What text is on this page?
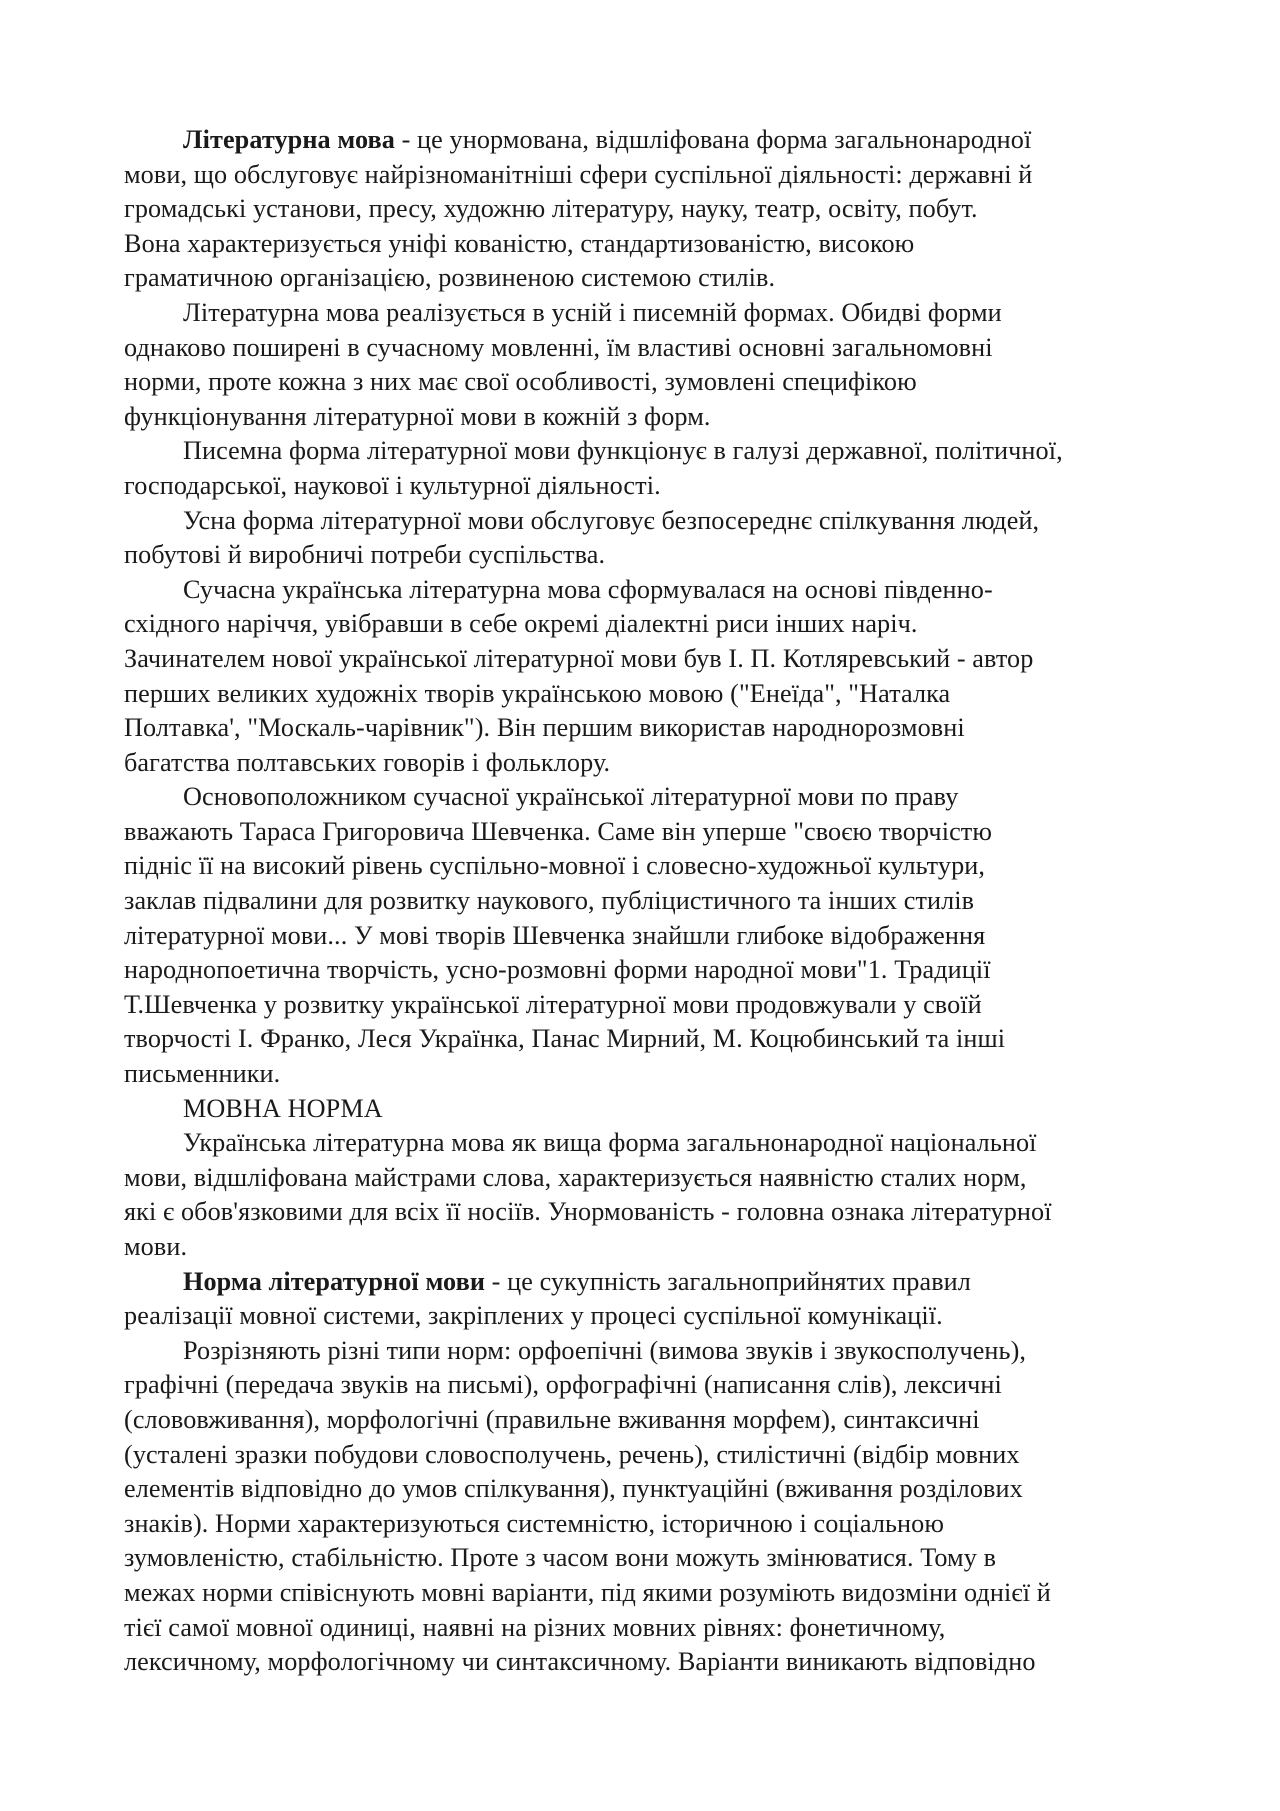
Літературна мова - це унормована, відшліфована форма загальнонародної
мови, що обслуговує найрізноманітніші сфери суспільної діяльності: державні й
громадські установи, пресу, художню літературу, науку, театр, освіту, побут.
Вона характеризується уніфі кованістю, стандартизованістю, високою
граматичною організацією, розвиненою системою стилів.
Літературна мова реалізується в усній і писемній формах. Обидві форми
однаково поширені в сучасному мовленні, їм властиві основні загальномовні
норми, проте кожна з них має свої особливості, зумовлені специфікою
функціонування літературної мови в кожній з форм.
Писемна форма літературної мови функціонує в галузі державної, політичної,
господарської, наукової і культурної діяльності.
Усна форма літературної мови обслуговує безпосереднє спілкування людей,
побутові й виробничі потреби суспільства.
Сучасна українська літературна мова сформувалася на основі південно-
східного наріччя, увібравши в себе окремі діалектні риси інших наріч.
Зачинателем нової української літературної мови був І. П. Котляревський - автор
перших великих художніх творів українською мовою ("Енеїда", "Наталка
Полтавка', "Москаль-чарівник"). Він першим використав народнорозмовні
багатства полтавських говорів і фольклору.
Основоположником сучасної української літературної мови по праву
вважають Тараса Григоровича Шевченка. Саме він уперше "своєю творчістю
підніс її на високий рівень суспільно-мовної і словесно-художньої культури,
заклав підвалини для розвитку наукового, публіцистичного та інших стилів
літературної мови... У мові творів Шевченка знайшли глибоке відображення
народнопоетична творчість, усно-розмовні форми народної мови"1. Традиції
Т.Шевченка у розвитку української літературної мови продовжували у своїй
творчості І. Франко, Леся Українка, Панас Мирний, М. Коцюбинський та інші
письменники.
МОВНА НОРМА
Українська літературна мова як вища форма загальнонародної національної
мови, відшліфована майстрами слова, характеризується наявністю сталих норм,
які є обов'язковими для всіх її носіїв. Унормованість - головна ознака літературної
мови.
Норма літературної мови - це сукупність загальноприйнятих правил
реалізації мовної системи, закріплених у процесі суспільної комунікації.
Розрізняють різні типи норм: орфоепічні (вимова звуків і звукосполучень),
графічні (передача звуків на письмі), орфографічні (написання слів), лексичні
(слововживання), морфологічні (правильне вживання морфем), синтаксичні
(усталені зразки побудови словосполучень, речень), стилістичні (відбір мовних
елементів відповідно до умов спілкування), пунктуаційні (вживання розділових
знаків). Норми характеризуються системністю, історичною і соціальною
зумовленістю, стабільністю. Проте з часом вони можуть змінюватися. Тому в
межах норми співіснують мовні варіанти, під якими розуміють видозміни однієї й
тієї самої мовної одиниці, наявні на різних мовних рівнях: фонетичному,
лексичному, морфологічному чи синтаксичному. Варіанти виникають відповідно
